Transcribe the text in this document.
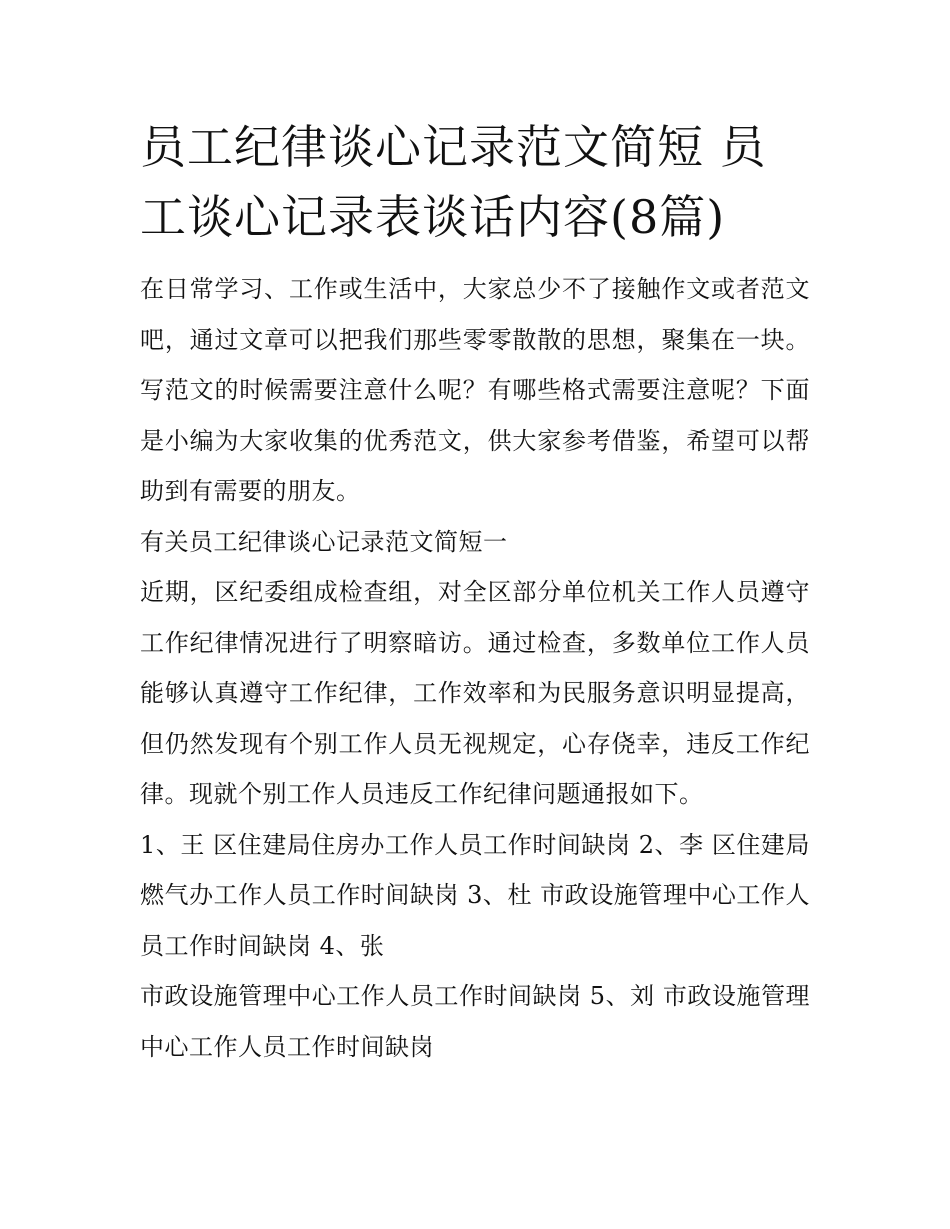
员工纪律谈心记录范文简短 员工谈心记录表谈话内容(8篇)

在日常学习、工作或生活中，大家总少不了接触作文或者范文吧，通过文章可以把我们那些零零散散的思想，聚集在一块。写范文的时候需要注意什么呢？有哪些格式需要注意呢？下面是小编为大家收集的优秀范文，供大家参考借鉴，希望可以帮助到有需要的朋友。

有关员工纪律谈心记录范文简短一

近期，区纪委组成检查组，对全区部分单位机关工作人员遵守工作纪律情况进行了明察暗访。通过检查，多数单位工作人员能够认真遵守工作纪律，工作效率和为民服务意识明显提高，但仍然发现有个别工作人员无视规定，心存侥幸，违反工作纪律。现就个别工作人员违反工作纪律问题通报如下。

1、王 区住建局住房办工作人员工作时间缺岗 2、李 区住建局燃气办工作人员工作时间缺岗 3、杜 市政设施管理中心工作人员工作时间缺岗 4、张

市政设施管理中心工作人员工作时间缺岗 5、刘 市政设施管理中心工作人员工作时间缺岗
